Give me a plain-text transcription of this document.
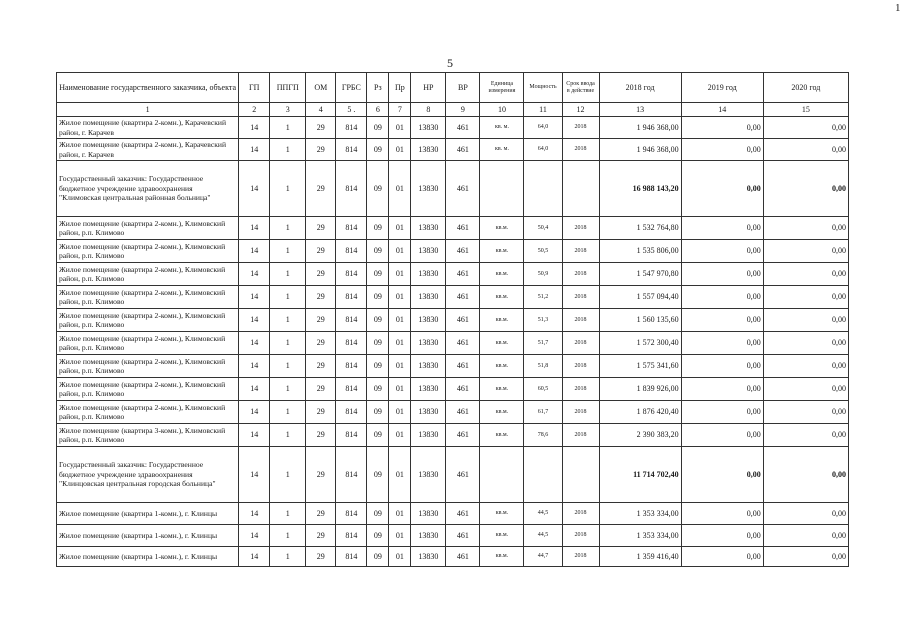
1
5
Наименование государственного заказчика, объекта	ГП	ППГП	ОМ	ГРБС	Рз	Пр	НР	ВР	Единица измерения	Мощность	Срок ввода в действие	2018 год	2019 год	2020 год
1	2	3	4	5 .	6	7	8	9	10	11	12	13	14	15
Жилое помещение (квартира 2-комн.), Карачевский район, г. Карачев	14	1	29	814	09	01	13830	461	кв. м.	64,0	2018	1 946 368,00	0,00	0,00
Жилое помещение (квартира 2-комн.), Карачевский район, г. Карачев	14	1	29	814	09	01	13830	461	кв. м.	64,0	2018	1 946 368,00	0,00	0,00
Государственный заказчик: Государственное бюджетное учреждение здравоохранения "Климовская центральная районная больница"	14	1	29	814	09	01	13830	461				16 988 143,20	0,00	0,00
Жилое помещение (квартира 2-комн.), Климовский район, р.п. Климово	14	1	29	814	09	01	13830	461	кв.м.	50,4	2018	1 532 764,80	0,00	0,00
Жилое помещение (квартира 2-комн.), Климовский район, р.п. Климово	14	1	29	814	09	01	13830	461	кв.м.	50,5	2018	1 535 806,00	0,00	0,00
Жилое помещение (квартира 2-комн.), Климовский район, р.п. Климово	14	1	29	814	09	01	13830	461	кв.м.	50,9	2018	1 547 970,80	0,00	0,00
Жилое помещение (квартира 2-комн.), Климовский район, р.п. Климово	14	1	29	814	09	01	13830	461	кв.м.	51,2	2018	1 557 094,40	0,00	0,00
Жилое помещение (квартира 2-комн.), Климовский район, р.п. Климово	14	1	29	814	09	01	13830	461	кв.м.	51,3	2018	1 560 135,60	0,00	0,00
Жилое помещение (квартира 2-комн.), Климовский район, р.п. Климово	14	1	29	814	09	01	13830	461	кв.м.	51,7	2018	1 572 300,40	0,00	0,00
Жилое помещение (квартира 2-комн.), Климовский район, р.п. Климово	14	1	29	814	09	01	13830	461	кв.м.	51,8	2018	1 575 341,60	0,00	0,00
Жилое помещение (квартира 2-комн.), Климовский район, р.п. Климово	14	1	29	814	09	01	13830	461	кв.м.	60,5	2018	1 839 926,00	0,00	0,00
Жилое помещение (квартира 2-комн.), Климовский район, р.п. Климово	14	1	29	814	09	01	13830	461	кв.м.	61,7	2018	1 876 420,40	0,00	0,00
Жилое помещение (квартира 3-комн.), Климовский район, р.п. Климово	14	1	29	814	09	01	13830	461	кв.м.	78,6	2018	2 390 383,20	0,00	0,00
Государственный заказчик: Государственное бюджетное учреждение здравоохранения "Клинцовская центральная городская больница"	14	1	29	814	09	01	13830	461				11 714 702,40	0,00	0,00
Жилое помещение (квартира 1-комн.), г. Клинцы	14	1	29	814	09	01	13830	461	кв.м.	44,5	2018	1 353 334,00	0,00	0,00
Жилое помещение (квартира 1-комн.), г. Клинцы	14	1	29	814	09	01	13830	461	кв.м.	44,5	2018	1 353 334,00	0,00	0,00
Жилое помещение (квартира 1-комн.), г. Клинцы	14	1	29	814	09	01	13830	461	кв.м.	44,7	2018	1 359 416,40	0,00	0,00
